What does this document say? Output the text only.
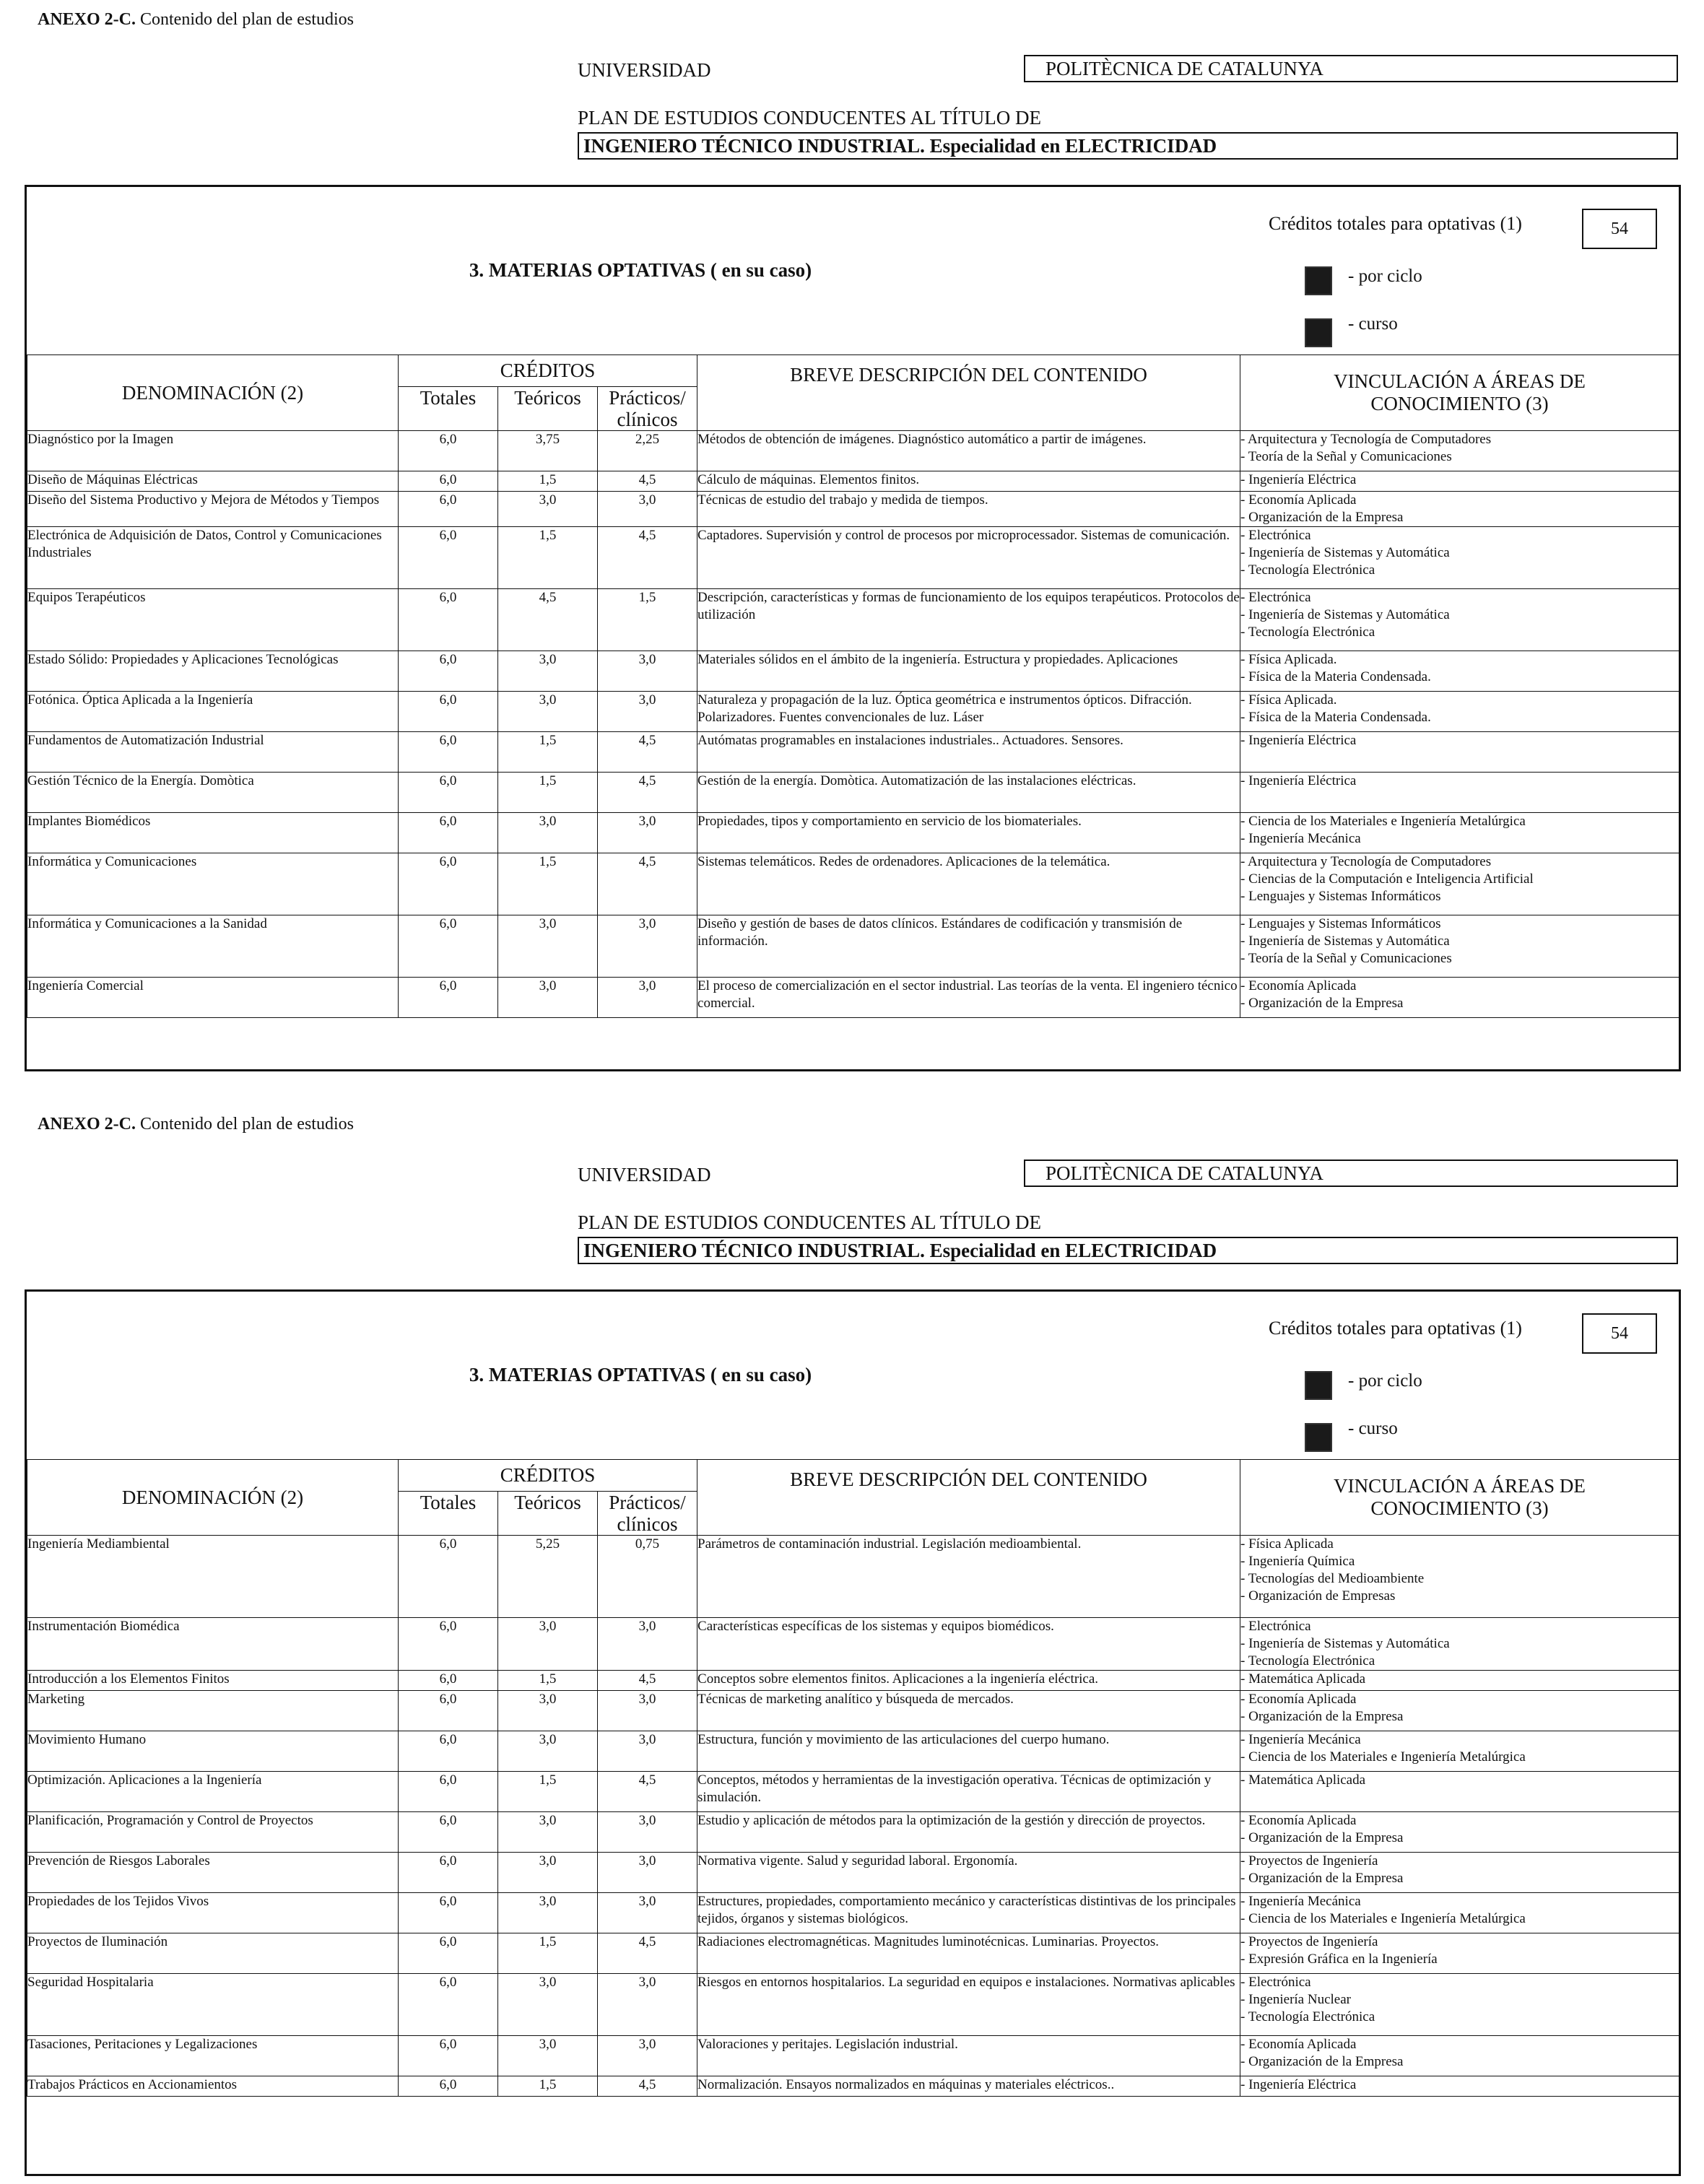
ANEXO 2-C. Contenido del plan de estudios
UNIVERSIDAD	POLITÈCNICA DE CATALUNYA
PLAN DE ESTUDIOS CONDUCENTES AL TÍTULO DE
INGENIERO TÉCNICO INDUSTRIAL. Especialidad en ELECTRICIDAD
3. MATERIAS OPTATIVAS ( en su caso)
Créditos totales para optativas (1)	54
- por ciclo
- curso
DENOMINACIÓN (2)	CRÉDITOS			BREVE DESCRIPCIÓN DEL CONTENIDO	VINCULACIÓN A ÁREAS DE CONOCIMIENTO (3)
	Totales	Teóricos	Prácticos/ clínicos		
Diagnóstico por la Imagen	6,0	3,75	2,25	Métodos de obtención de imágenes. Diagnóstico automático a partir de imágenes.	- Arquitectura y Tecnología de Computadores
- Teoría de la Señal y Comunicaciones

Diseño de Máquinas Eléctricas	6,0	1,5	4,5	Cálculo de máquinas. Elementos finitos.	- Ingeniería Eléctrica

Diseño del Sistema Productivo y Mejora de Métodos y Tiempos	6,0	3,0	3,0	Técnicas de estudio del trabajo y medida de tiempos.	- Economía Aplicada
- Organización de la Empresa

Electrónica de Adquisición de Datos, Control y Comunicaciones Industriales	6,0	1,5	4,5	Captadores. Supervisión y control de procesos por microprocessador. Sistemas de comunicación.	- Electrónica
- Ingeniería de Sistemas y Automática
- Tecnología Electrónica

Equipos Terapéuticos	6,0	4,5	1,5	Descripción, características y formas de funcionamiento de los equipos terapéuticos. Protocolos de utilización	- Electrónica
- Ingeniería de Sistemas y Automática
- Tecnología Electrónica

Estado Sólido: Propiedades y Aplicaciones Tecnológicas	6,0	3,0	3,0	Materiales sólidos en el ámbito de la ingeniería. Estructura y propiedades. Aplicaciones	- Física Aplicada.
- Física de la Materia Condensada.

Fotónica. Óptica Aplicada a la Ingeniería	6,0	3,0	3,0	Naturaleza y propagación de la luz. Óptica geométrica e instrumentos ópticos. Difracción. Polarizadores. Fuentes convencionales de luz. Láser	- Física Aplicada.
- Física de la Materia Condensada.

Fundamentos de Automatización Industrial	6,0	1,5	4,5	Autómatas programables en instalaciones industriales.. Actuadores. Sensores.	- Ingeniería Eléctrica

Gestión Técnico de la Energía. Domòtica	6,0	1,5	4,5	Gestión de la energía. Domòtica. Automatización de las instalaciones eléctricas.	- Ingeniería Eléctrica

Implantes Biomédicos	6,0	3,0	3,0	Propiedades, tipos y comportamiento en servicio de los biomateriales.	- Ciencia de los Materiales e Ingeniería Metalúrgica
- Ingeniería Mecánica

Informática y Comunicaciones	6,0	1,5	4,5	Sistemas telemáticos. Redes de ordenadores. Aplicaciones de la telemática.	- Arquitectura y Tecnología de Computadores
- Ciencias de la Computación e Inteligencia Artificial
- Lenguajes y Sistemas Informáticos

Informática y Comunicaciones a la Sanidad	6,0	3,0	3,0	Diseño y gestión de bases de datos clínicos. Estándares de codificación y transmisión de información.	- Lenguajes y Sistemas Informáticos
- Ingeniería de Sistemas y Automática
- Teoría de la Señal y Comunicaciones

Ingeniería Comercial	6,0	3,0	3,0	El proceso de comercialización en el sector industrial. Las teorías de la venta. El ingeniero técnico comercial.	- Economía Aplicada
- Organización de la Empresa
ANEXO 2-C. Contenido del plan de estudios
UNIVERSIDAD	POLITÈCNICA DE CATALUNYA
PLAN DE ESTUDIOS CONDUCENTES AL TÍTULO DE
INGENIERO TÉCNICO INDUSTRIAL. Especialidad en ELECTRICIDAD
3. MATERIAS OPTATIVAS ( en su caso)
Créditos totales para optativas (1)	54
- por ciclo
- curso
DENOMINACIÓN (2)	CRÉDITOS			BREVE DESCRIPCIÓN DEL CONTENIDO	VINCULACIÓN A ÁREAS DE CONOCIMIENTO (3)
	Totales	Teóricos	Prácticos/ clínicos		
Ingeniería Mediambiental	6,0	5,25	0,75	Parámetros de contaminación industrial. Legislación medioambiental.	- Física Aplicada
- Ingeniería Química
- Tecnologías del Medioambiente
- Organización de Empresas

Instrumentación Biomédica	6,0	3,0	3,0	Características específicas de los sistemas y equipos biomédicos.	- Electrónica
- Ingeniería de Sistemas y Automática
- Tecnología Electrónica

Introducción a los Elementos Finitos	6,0	1,5	4,5	Conceptos sobre elementos finitos. Aplicaciones a la ingeniería eléctrica.	- Matemática Aplicada

Marketing	6,0	3,0	3,0	Técnicas de marketing analítico y búsqueda de mercados.	- Economía Aplicada
- Organización de la Empresa

Movimiento Humano	6,0	3,0	3,0	Estructura, función y movimiento de las articulaciones del cuerpo humano.	- Ingeniería Mecánica
- Ciencia de los Materiales e Ingeniería Metalúrgica

Optimización. Aplicaciones a la Ingeniería	6,0	1,5	4,5	Conceptos, métodos y herramientas de la investigación operativa. Técnicas de optimización y simulación.	- Matemática Aplicada

Planificación, Programación y Control de Proyectos	6,0	3,0	3,0	Estudio y aplicación de métodos para la optimización de la gestión y dirección de proyectos.	- Economía Aplicada
- Organización de la Empresa

Prevención de Riesgos Laborales	6,0	3,0	3,0	Normativa vigente. Salud y seguridad laboral. Ergonomía.	- Proyectos de Ingeniería
- Organización de la Empresa

Propiedades de los Tejidos Vivos	6,0	3,0	3,0	Estructures, propiedades, comportamiento mecánico y características distintivas de los principales tejidos, órganos y sistemas biológicos.	- Ingeniería Mecánica
- Ciencia de los Materiales e Ingeniería Metalúrgica

Proyectos de Iluminación	6,0	1,5	4,5	Radiaciones electromagnéticas. Magnitudes luminotécnicas. Luminarias. Proyectos.	- Proyectos de Ingeniería
- Expresión Gráfica en la Ingeniería

Seguridad Hospitalaria	6,0	3,0	3,0	Riesgos en entornos hospitalarios. La seguridad en equipos e instalaciones. Normativas aplicables	- Electrónica
- Ingeniería Nuclear
- Tecnología Electrónica

Tasaciones, Peritaciones y Legalizaciones	6,0	3,0	3,0	Valoraciones y peritajes. Legislación industrial.	- Economía Aplicada
- Organización de la Empresa

Trabajos Prácticos en Accionamientos	6,0	1,5	4,5	Normalización. Ensayos normalizados en máquinas y materiales eléctricos..	- Ingeniería Eléctrica
